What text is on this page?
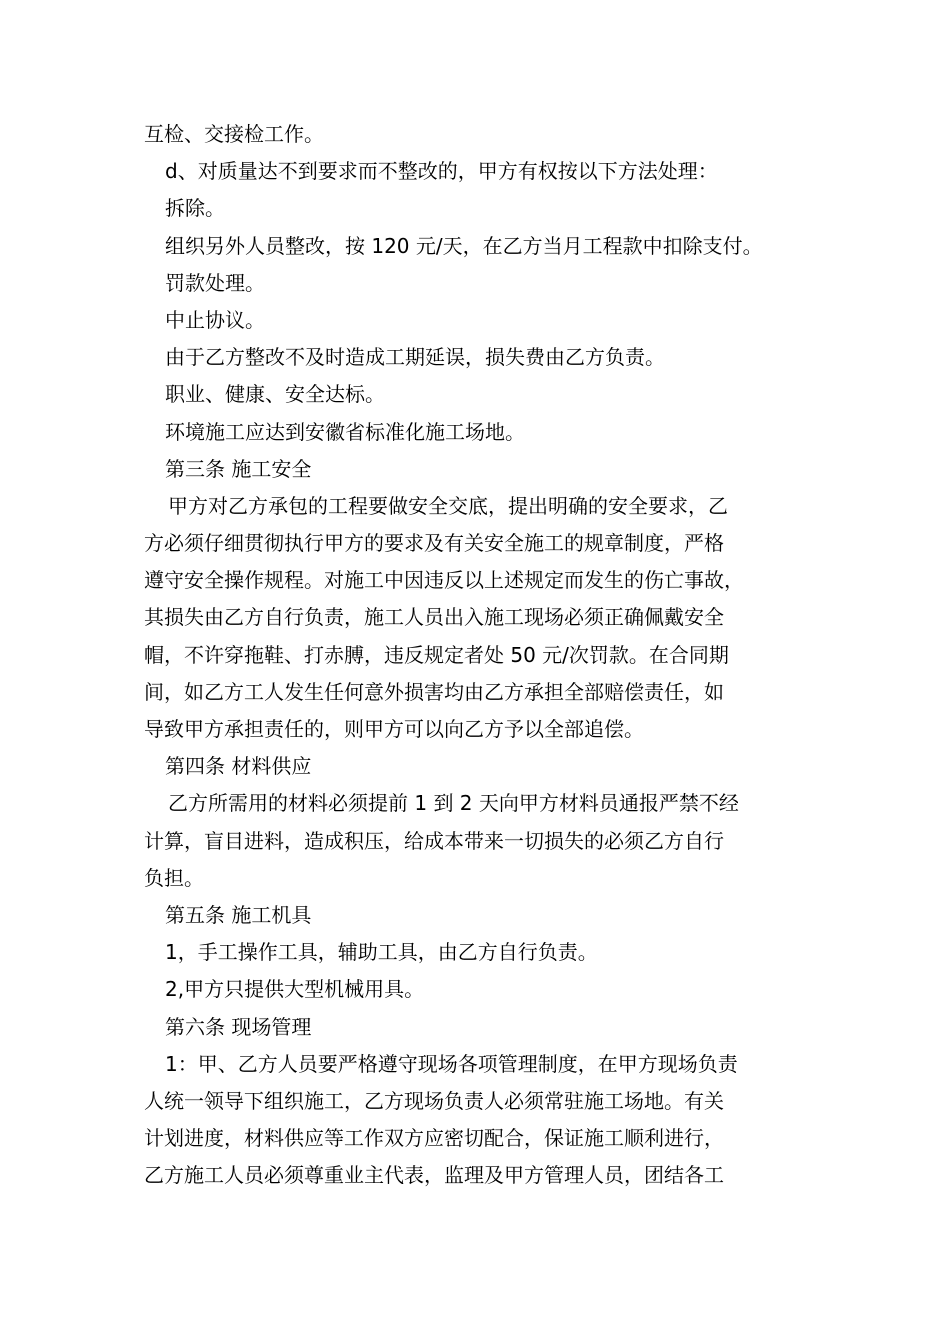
互检、交接检工作。
d、对质量达不到要求而不整改的，甲方有权按以下方法处理：
拆除。
组织另外人员整改，按 120 元/天，在乙方当月工程款中扣除支付。
罚款处理。
中止协议。
由于乙方整改不及时造成工期延误，损失费由乙方负责。
职业、健康、安全达标。
环境施工应达到安徽省标准化施工场地。
第三条 施工安全
甲方对乙方承包的工程要做安全交底，提出明确的安全要求，乙
方必须仔细贯彻执行甲方的要求及有关安全施工的规章制度，严格
遵守安全操作规程。对施工中因违反以上述规定而发生的伤亡事故，
其损失由乙方自行负责，施工人员出入施工现场必须正确佩戴安全
帽，不许穿拖鞋、打赤膊，违反规定者处 50 元/次罚款。在合同期
间，如乙方工人发生任何意外损害均由乙方承担全部赔偿责任，如
导致甲方承担责任的，则甲方可以向乙方予以全部追偿。
第四条 材料供应
乙方所需用的材料必须提前 1 到 2 天向甲方材料员通报严禁不经
计算，盲目进料，造成积压，给成本带来一切损失的必须乙方自行
负担。
第五条 施工机具
1，手工操作工具，辅助工具，由乙方自行负责。
2,甲方只提供大型机械用具。
第六条 现场管理
1：甲、乙方人员要严格遵守现场各项管理制度，在甲方现场负责
人统一领导下组织施工，乙方现场负责人必须常驻施工场地。有关
计划进度，材料供应等工作双方应密切配合，保证施工顺利进行，
乙方施工人员必须尊重业主代表，监理及甲方管理人员，团结各工
